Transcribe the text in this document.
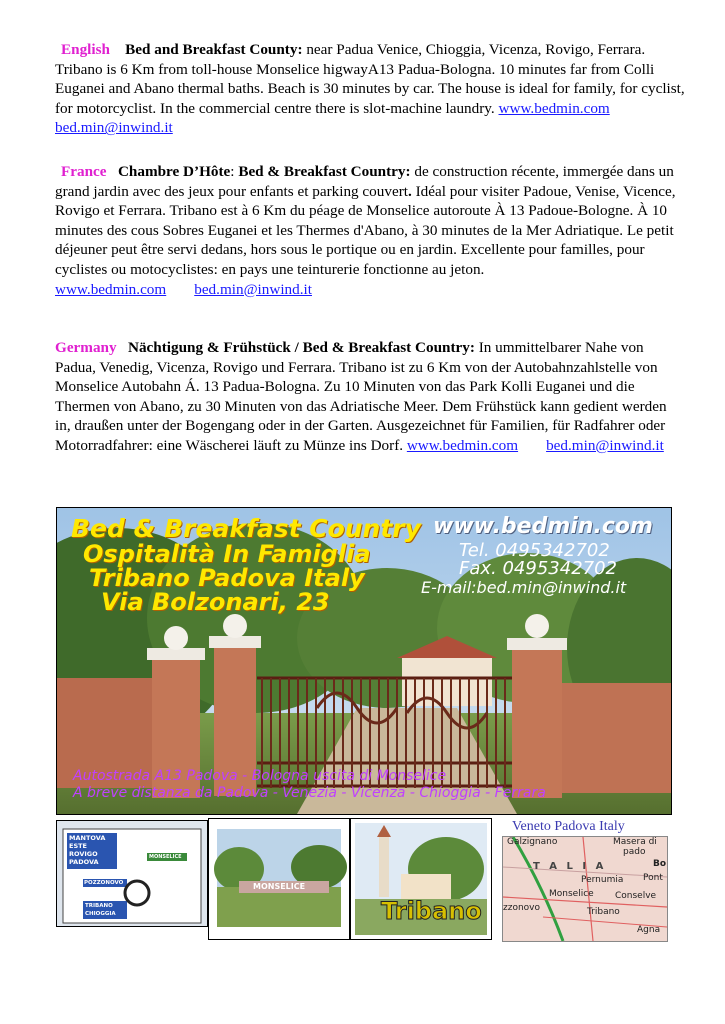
English Bed and Breakfast County: near Padua Venice, Chioggia, Vicenza, Rovigo, Ferrara. Tribano is 6 Km from toll-house Monselice higwayA13 Padua-Bologna. 10 minutes far from Colli Euganei and Abano thermal baths. Beach is 30 minutes by car. The house is ideal for family, for cyclist, for motorcyclist. In the commercial centre there is slot-machine laundry. www.bedmin.combed.min@inwind.it
France Chambre D’Hôte: Bed & Breakfast Country: de construction récente, immergée dans un grand jardin avec des jeux pour enfants et parking couvert. Idéal pour visiter Padoue, Venise, Vicence, Rovigo et Ferrara. Tribano est à 6 Km du péage de Monselice autoroute À 13 Padoue-Bologne. À 10 minutes des cous Sobres Euganei et les Thermes d'Abano, à 30 minutes de la Mer Adriatique. Le petit déjeuner peut être servi dedans, hors sous le portique ou en jardin. Excellente pour familles, pour cyclistes ou motocyclistes: en pays une teinturerie fonctionne au jeton.
www.bedmin.com bed.min@inwind.it
Germany Nächtigung & Frühstück / Bed & Breakfast Country: In ummittelbarer Nahe von Padua, Venedig, Vicenza, Rovigo und Ferrara. Tribano ist zu 6 Km von der Autobahnzahlstelle von Monselice Autobahn Á. 13 Padua-Bologna. Zu 10 Minuten von das Park Kolli Euganei und die Thermen von Abano, zu 30 Minuten von das Adriatische Meer. Dem Frühstück kann gedient werden in, draußen unter der Bogengang oder in der Garten. Ausgezeichnet für Familien, für Radfahrer oder Motorradfahrer: eine Wäscherei läuft zu Münze ins Dorf. www.bedmin.com bed.min@inwind.it
Bed & Breakfast Country
Ospitalità In Famiglia
Tribano Padova Italy
Via Bolzonari, 23
www.bedmin.com
Tel. 0495342702
Fax. 0495342702
E-mail:bed.min@inwind.it
Autostrada A13 Padova - Bologna uscita di Monselice
A breve distanza da Padova - Venezia - Vicenza - Chioggia - Ferrara
MANTOVA
ESTE
ROVIGO
PADOVA
MONSELICE
POZZONOVO
TRIBANO
CHIOGGIA
MONSELICE
Tribano
Veneto Padova Italy
Galzignano	Masera di
pado
Bo
T A L I A
Pernumia Pont
Monselice Conselve
zzonovo	Tribano
Agna
